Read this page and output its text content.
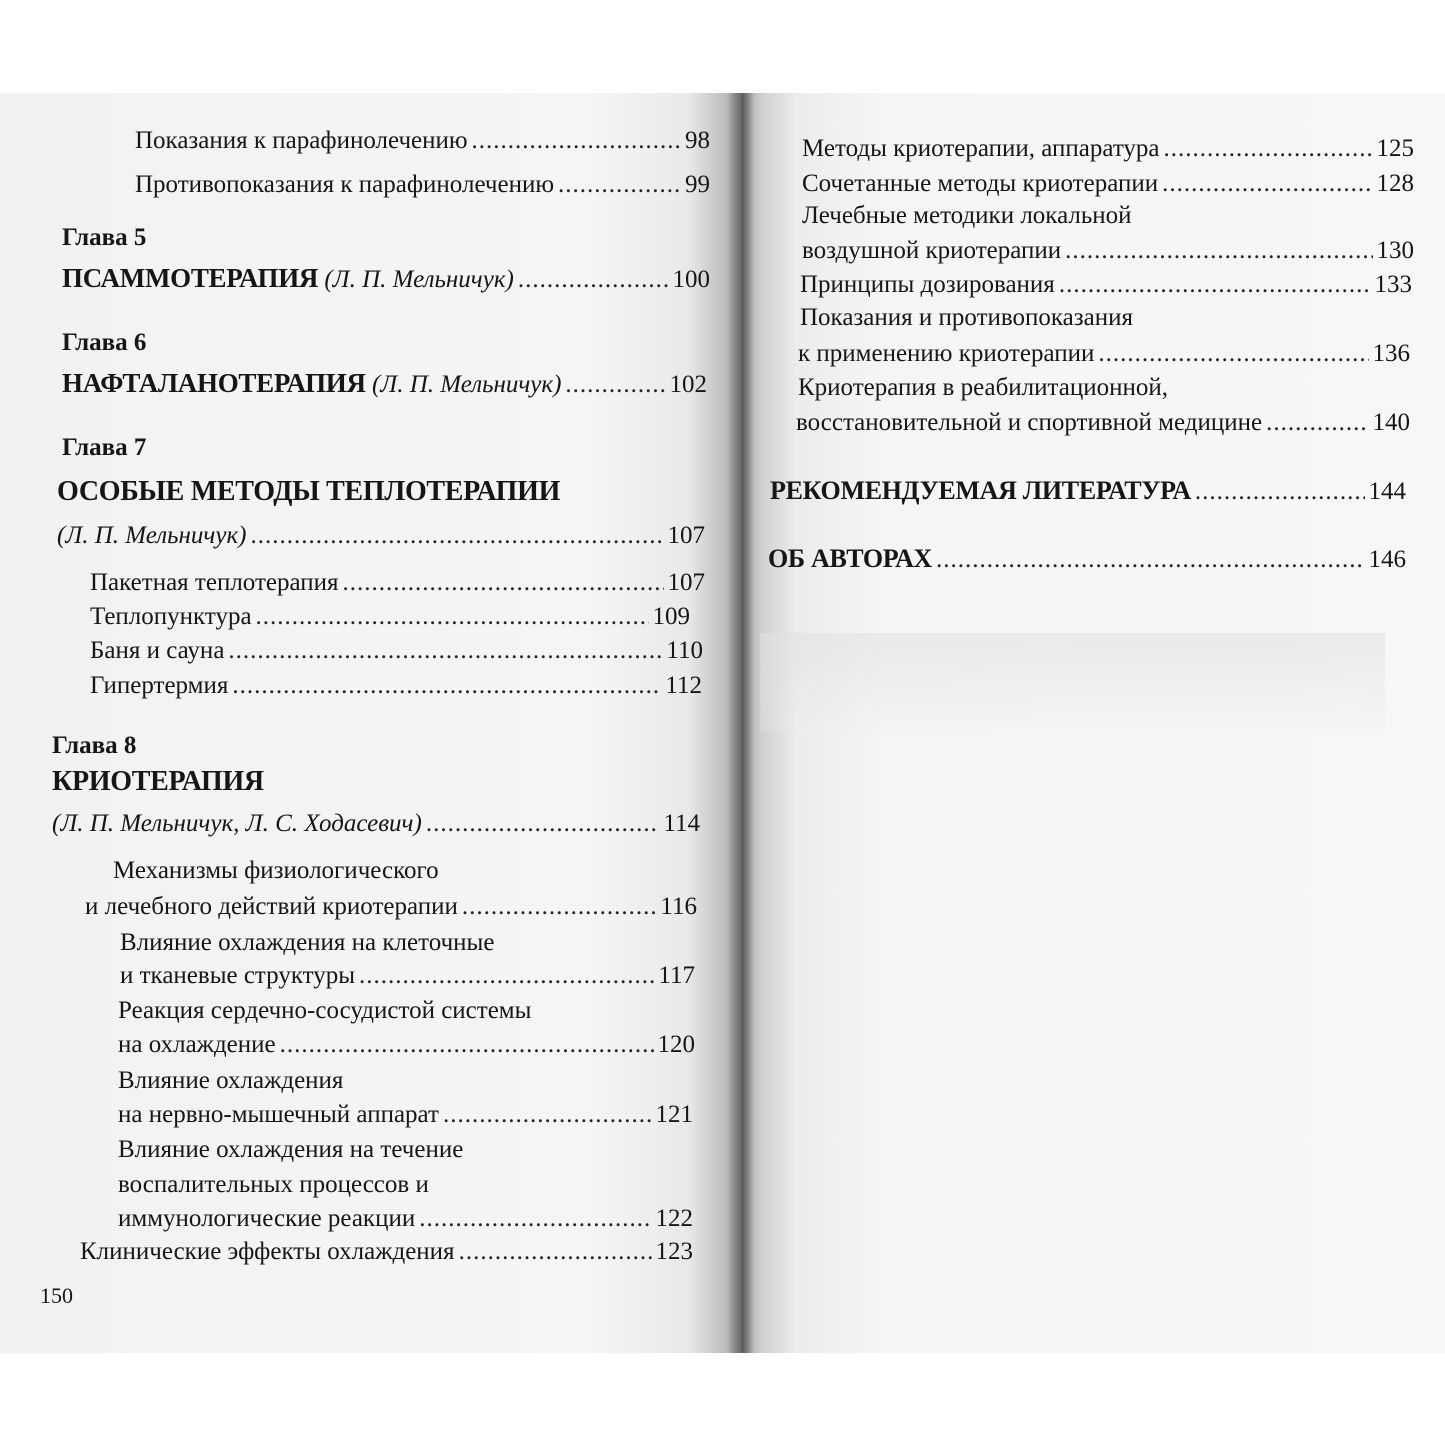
Показания к парафинолечению .....	98
Противопоказания к парафинолечению .....	99
Глава 5
ПСАММОТЕРАПИЯ (Л. П. Мельничук) .....	100
Глава 6
НАФТАЛАНОТЕРАПИЯ (Л. П. Мельничук) .....	102
Глава 7
ОСОБЫЕ МЕТОДЫ ТЕПЛОТЕРАПИИ
(Л. П. Мельничук) .....	107
Пакетная теплотерапия .....	107
Теплопунктура .....	109
Баня и сауна .....	110
Гипертермия .....	112
Глава 8
КРИОТЕРАПИЯ
(Л. П. Мельничук, Л. С. Ходасевич) .....	114
Механизмы физиологического
и лечебного действий криотерапии .....	116
Влияние охлаждения на клеточные
и тканевые структуры .....	117
Реакция сердечно-сосудистой системы
на охлаждение .....	120
Влияние охлаждения
на нервно-мышечный аппарат .....	121
Влияние охлаждения на течение
воспалительных процессов и
иммунологические реакции .....	122
Клинические эффекты охлаждения .....	123
150
Методы криотерапии, аппаратура .....	125
Сочетанные методы криотерапии .....	128
Лечебные методики локальной
воздушной криотерапии .....	130
Принципы дозирования .....	133
Показания и противопоказания
к применению криотерапии .....	136
Криотерапия в реабилитационной,
восстановительной и спортивной медицине .....	140
РЕКОМЕНДУЕМАЯ ЛИТЕРАТУРА .....	144
ОБ АВТОРАХ .....	146
